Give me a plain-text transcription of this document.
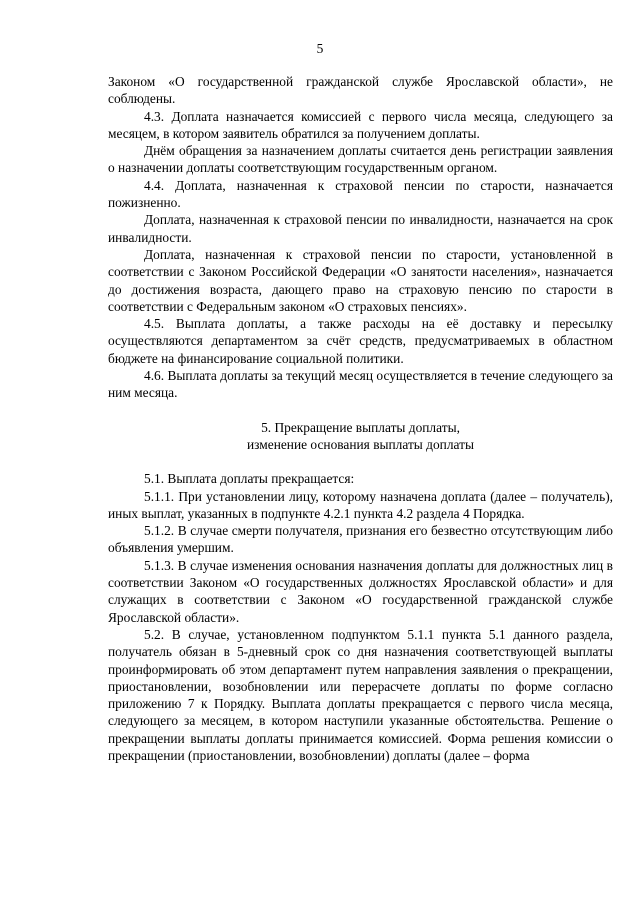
5

Законом «О государственной гражданской службе Ярославской области», не соблюдены.

4.3. Доплата назначается комиссией с первого числа месяца, следующего за месяцем, в котором заявитель обратился за получением доплаты.

Днём обращения за назначением доплаты считается день регистрации заявления о назначении доплаты соответствующим государственным органом.

4.4. Доплата, назначенная к страховой пенсии по старости, назначается пожизненно.

Доплата, назначенная к страховой пенсии по инвалидности, назначается на срок инвалидности.

Доплата, назначенная к страховой пенсии по старости, установленной в соответствии с Законом Российской Федерации «О занятости населения», назначается до достижения возраста, дающего право на страховую пенсию по старости в соответствии с Федеральным законом «О страховых пенсиях».

4.5. Выплата доплаты, а также расходы на её доставку и пересылку осуществляются департаментом за счёт средств, предусматриваемых в областном бюджете на финансирование социальной политики.

4.6. Выплата доплаты за текущий месяц осуществляется в течение следующего за ним месяца.

5. Прекращение выплаты доплаты,

изменение основания выплаты доплаты

5.1. Выплата доплаты прекращается:

5.1.1. При установлении лицу, которому назначена доплата (далее – получатель), иных выплат, указанных в подпункте 4.2.1 пункта 4.2 раздела 4 Порядка.

5.1.2. В случае смерти получателя, признания его безвестно отсутствующим либо объявления умершим.

5.1.3. В случае изменения основания назначения доплаты для должностных лиц в соответствии Законом «О государственных должностях Ярославской области» и для служащих в соответствии с Законом «О государственной гражданской службе Ярославской области».

5.2. В случае, установленном подпунктом 5.1.1 пункта 5.1 данного раздела, получатель обязан в 5-дневный срок со дня назначения соответствующей выплаты проинформировать об этом департамент путем направления заявления о прекращении, приостановлении, возобновлении или перерасчете доплаты по форме согласно приложению 7 к Порядку. Выплата доплаты прекращается с первого числа месяца, следующего за месяцем, в котором наступили указанные обстоятельства. Решение о прекращении выплаты доплаты принимается комиссией. Форма решения комиссии о прекращении (приостановлении, возобновлении) доплаты (далее – форма
